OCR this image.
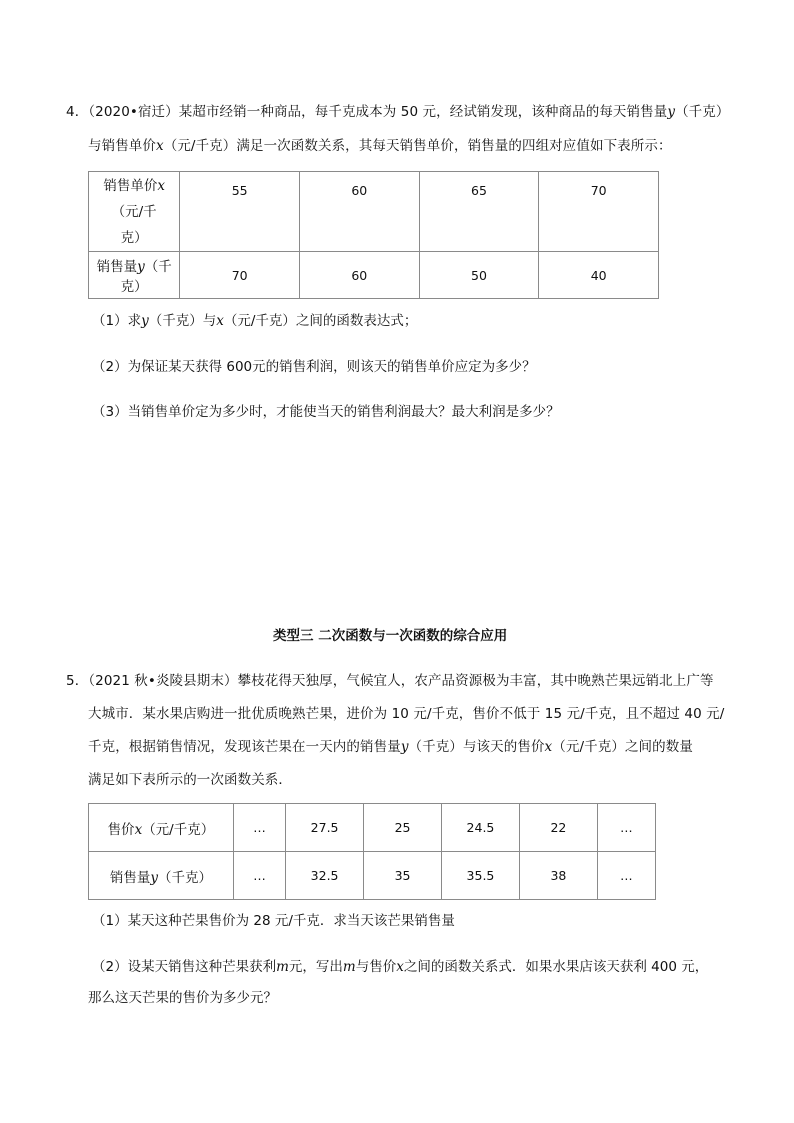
4．（2020•宿迁）某超市经销一种商品，每千克成本为 50 元，经试销发现，该种商品的每天销售量y（千克）
与销售单价x（元/千克）满足一次函数关系，其每天销售单价，销售量的四组对应值如下表所示：
销售单价x（元/千
克）	55	60	65	70
销售量y（千克）	70	60	50	40
（1）求y（千克）与x（元/千克）之间的函数表达式；
（2）为保证某天获得 600元的销售利润，则该天的销售单价应定为多少？
（3）当销售单价定为多少时，才能使当天的销售利润最大？最大利润是多少？
类型三 二次函数与一次函数的综合应用
5．（2021 秋•炎陵县期末）攀枝花得天独厚，气候宜人，农产品资源极为丰富，其中晚熟芒果远销北上广等
大城市．某水果店购进一批优质晚熟芒果，进价为 10 元/千克，售价不低于 15 元/千克，且不超过 40 元/
千克，根据销售情况，发现该芒果在一天内的销售量y（千克）与该天的售价x（元/千克）之间的数量
满足如下表所示的一次函数关系．
售价x（元/千克）	…	27.5	25	24.5	22	…
销售量y（千克）	…	32.5	35	35.5	38	…
（1）某天这种芒果售价为 28 元/千克．求当天该芒果销售量
（2）设某天销售这种芒果获利m元，写出m与售价x之间的函数关系式．如果水果店该天获利 400 元，
那么这天芒果的售价为多少元？
